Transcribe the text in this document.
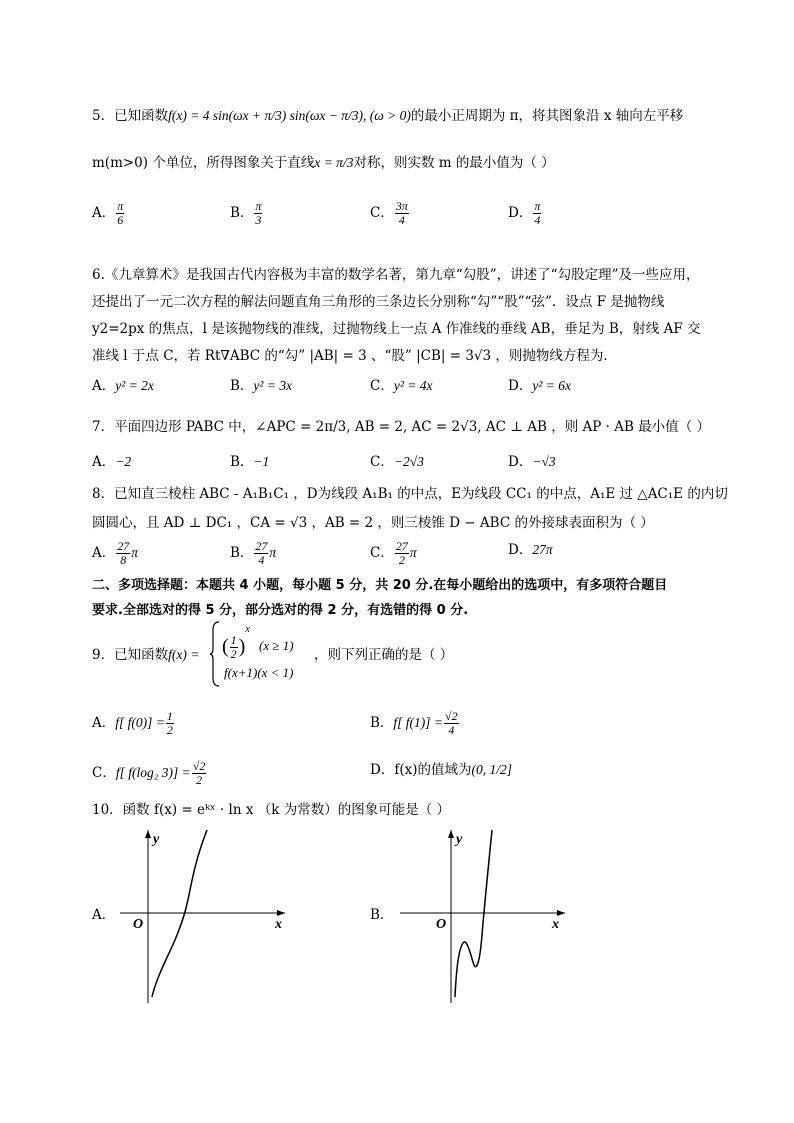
5．已知函数f(x) = 4 sin(ωx + π/3) sin(ωx − π/3), (ω > 0)的最小正周期为 π，将其图象沿 x 轴向左平移
m(m>0) 个单位，所得图象关于直线x = π/3对称，则实数 m 的最小值为（ ）
A． $\frac{\pi}{6}$	B． $\frac{\pi}{3}$	C． $\frac{3\pi}{4}$	D． $\frac{\pi}{4}$
6.《九章算术》是我国古代内容极为丰富的数学名著，第九章“勾股”，讲述了“勾股定理”及一些应用，
还提出了一元二次方程的解法问题直角三角形的三条边长分别称“勾”“股”“弦”．设点 F 是抛物线
y2=2px 的焦点，l 是该抛物线的准线，过抛物线上一点 A 作准线的垂线 AB，垂足为 B，射线 AF 交
准线 l 于点 C，若 Rt∇ABC 的“勾” |AB| = 3 、“股” |CB| = 3√3 ，则抛物线方程为．
A．y² = 2x	B．y² = 3x	C．y² = 4x	D．y² = 6x
7．平面四边形 PABC 中，∠APC = 2π/3, AB = 2, AC = 2√3, AC ⊥ AB ，则 AP · AB 最小值（ ）
A．−2	B．−1	C．−2√3	D．−√3
8．已知直三棱柱 ABC - A₁B₁C₁ ，D为线段 A₁B₁ 的中点，E为线段 CC₁ 的中点，A₁E 过 △AC₁E 的内切
圆圆心，且 AD ⊥ DC₁ ，CA = √3 ，AB = 2 ，则三棱锥 D − ABC 的外接球表面积为（ ）
A． $\frac{27}{8}$ π	B． $\frac{27}{4}$ π	C． $\frac{27}{2}$ π	D．27π
二、多项选择题：本题共 4 小题，每小题 5 分，共 20 分.在每小题给出的选项中，有多项符合题目
要求.全部选对的得 5 分，部分选对的得 2 分，有选错的得 0 分.
9．已知函数f(x) = ( $\frac{1}{2} )^x$ (x ≥ 1)
f(x+1)(x < 1)
，则下列正确的是（ ）
A．f[ $f(0)] = \frac{1}{2}$	B．f[ $f(1)] = \frac{√2}{4}$
C．f[ f(log₂ $3)] = \frac{√2}{2}$	D．f(x)的值域为(0, 1/2]
10．函数 f(x) = eᵏˣ · ln x （k 为常数）的图象可能是（ ）
A．
y
x
O
B．
y
x
O
